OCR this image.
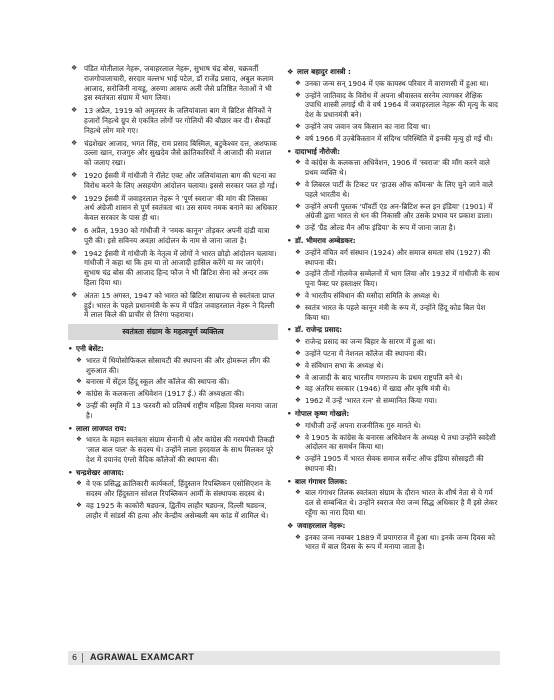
❖ पंडित मोतीलाल नेहरू, जवाहरलाल नेहरू, सुभाष चंद्र बोस, चक्रवर्ती राजगोपालाचारी, सरदार वल्लभ भाई पटेल, डॉ राजेंद्र प्रसाद, अबुल कलाम आजाद, सरोजिनी नायडू, अरुणा आसफ अली जैसे प्रतिष्ठित नेताओं ने भी इस स्वतंत्रता संग्राम में भाग लिया।
❖ 13 अप्रैल, 1919 को अमृतसर के जलियांवाला बाग में ब्रिटिश सैनिकों ने हजारों निहत्थे ग्रुप से एकत्रित लोगों पर गोलियों की बौछार कर दी। सैकड़ों निहत्थे लोग मारे गए।
❖ चंद्रशेखर आजाद, भगत सिंह, राम प्रसाद बिस्मिल, बटुकेश्वर दत्त, अशफाक उल्ला खान, राजगुरु और सुखदेव जैसे क्रांतिकारियों ने आजादी की मशाल को जलाए रखा।
❖ 1920 ईसवी में गांधीजी ने रॉलेट एक्ट और जलियांवाला बाग की घटना का विरोध करने के लिए असहयोग आंदोलन चलाया। इससे सरकार पस्त हो गई।
❖ 1929 ईसवी में जवाहरलाल नेहरू ने 'पूर्ण स्वराज' की मांग की जिसका अर्थ अंग्रेजी शासन से पूर्ण स्वतंत्रता था। उस समय नमक बनाने का अधिकार केवल सरकार के पास ही था।
❖ 6 अप्रैल, 1930 को गांधीजी ने 'नमक कानून' तोड़कर अपनी दांडी यात्रा पूरी की। इसे सविनय अवज्ञा आंदोलन के नाम से जाना जाता है।
❖ 1942 ईसवी में गांधीजी के नेतृत्व में लोगों ने भारत छोड़ो आंदोलन चलाया। गांधीजी ने कहा था कि हम या तो आजादी हासिल करेंगे या मर जाएंगे। सुभाष चंद्र बोस की आजाद हिन्द फौज ने भी ब्रिटिश सेना को अन्दर तक हिला दिया था।
❖ अंततः 15 अगस्त, 1947 को भारत को ब्रिटिश साम्राज्य से स्वतंत्रता प्राप्त हुई। भारत के पहले प्रधानमंत्री के रूप में पंडित जवाहरलाल नेहरू ने दिल्ली में लाल किले की प्राचीर से तिरंगा फहराया।
स्वतंत्रता संग्राम के महत्वपूर्ण व्यक्तित्व
• एनी बेसेंट:
❖ भारत में थियोसोफिकल सोसायटी की स्थापना की और होमरूल लीग की शुरुआत की।
❖ बनारस में सेंट्रल हिंदू स्कूल और कॉलेज की स्थापना की।
❖ कांग्रेस के कलकत्ता अधिवेशन (1917 ई.) की अध्यक्षता की।
❖ उन्हीं की स्मृति में 13 फरवरी को प्रतिवर्ष राष्ट्रीय महिला दिवस मनाया जाता है।
• लाला लाजपत राय:
❖ भारत के महान स्वतंत्रता संग्राम सेनानी थे और कांग्रेस की गरमपंथी तिकड़ी 'लाल बाल पाल' के सदस्य थे। उन्होंने लाला हरदयाल के साथ मिलकर पूरे देश में दयानंद एंग्लो वैदिक कॉलेजों की स्थापना की।
• चन्द्रशेखर आजाद:
❖ वे एक प्रसिद्ध क्रांतिकारी कार्यकर्ता, हिंदुस्तान रिपब्लिकन एसोसिएशन के सदस्य और हिंदुस्तान सोशल रिपब्लिकन आर्मी के संस्थापक सदस्य थे।
❖ वह 1925 के काकोरी षड्यन्त्र, द्वितीय लाहौर षड्यन्त्र, दिल्ली षड्यन्त्र, लाहौर में सांडर्स की हत्या और केन्द्रीय असेम्बली बम कांड में शामिल थे।
❖ लाल बहादुर शास्त्री :
❖ उनका जन्म सन् 1904 में एक कायस्थ परिवार में वाराणसी में हुआ था।
❖ उन्होंने जातिवाद के विरोध में अपना श्रीवास्तव सरनेम त्यागकर शैक्षिक उपाधि शास्त्री लगाई थी वे वर्ष 1964 में जवाहरलाल नेहरू की मृत्यु के बाद देश के प्रधानमंत्री बने।
❖ उन्होंने जय जवान जय किसान का नारा दिया था।
❖ वर्ष 1966 में उज़्बेकिस्तान में संदिग्ध परिस्थिति में इनकी मृत्यु हो गई थी।
• दादाभाई नौरोजी:
❖ वे कांग्रेस के कलकत्ता अधिवेशन, 1906 में 'स्वराज' की माँग करने वाले प्रथम व्यक्ति थे।
❖ वे लिबरल पार्टी के टिकट पर 'हाउस ऑफ कॉमन्स' के लिए चुने जाने वाले पहले भारतीय थे।
❖ उन्होंने अपनी पुस्तक 'पॉवर्टी एंड अन-ब्रिटिश रूल इन इंडिया' (1901) में अंग्रेजी द्वारा भारत से धन की निकासी और उसके प्रभाव पर प्रकाश डाला।
❖ उन्हें 'ग्रैंड ओल्ड मैन ऑफ इंडिया' के रूप में जाना जाता है।
• डॉ. भीमराव अम्बेडकर:
❖ उन्होंने वंचित वर्ग संस्थान (1924) और समाज समता संघ (1927) की स्थापना की।
❖ उन्होंने तीनों गोलमेज सम्मेलनों में भाग लिया और 1932 में गांधीजी के साथ पूना पैक्ट पर हस्ताक्षर किए।
❖ वे भारतीय संविधान की मसौदा समिति के अध्यक्ष थे।
❖ स्वतंत्र भारत के पहले कानून मंत्री के रूप में, उन्होंने हिंदू कोड बिल पेश किया था।
• डॉ. राजेन्द्र प्रसाद:
❖ राजेन्द्र प्रसाद का जन्म बिहार के सारण में हुआ था।
❖ उन्होंने पटना में नेशनल कॉलेज की स्थापना की।
❖ वे संविधान सभा के अध्यक्ष थे।
❖ वे आजादी के बाद भारतीय गणराज्य के प्रथम राष्ट्रपति बने थे।
❖ वह अंतरिम सरकार (1946) में खाद्य और कृषि मंत्री थे।
❖ 1962 में उन्हें 'भारत रत्न' से सम्मानित किया गया।
• गोपाल कृष्ण गोखले:
❖ गांधीजी उन्हें अपना राजनीतिक गुरु मानते थे।
❖ वे 1905 के कांग्रेस के बनारस अधिवेशन के अध्यक्ष थे तथा उन्होंने स्वदेशी आंदोलन का समर्थन किया था।
❖ उन्होंने 1905 में भारत सेवक समाज सर्वेन्ट ऑफ इंडिया सोसाइटी की स्थापना की।
• बाल गंगाधर तिलक:
❖ बाल गंगाधर तिलक स्वतंत्रता संग्राम के दौरान भारत के शीर्ष नेता से ये गर्म दल से सम्बन्धित थे। उन्होंने स्वराज मेरा जन्म सिद्ध अधिकार है मैं इसे लेकर रहूँगा का नारा दिया था।
❖ जवाहरलाल नेहरू:
❖ इनका जन्म नवम्बर 1889 में प्रयागराज में हुआ था। इनके जन्म दिवस को भारत में बाल दिवस के रूप में मनाया जाता है।
6 AGRAWAL EXAMCART
